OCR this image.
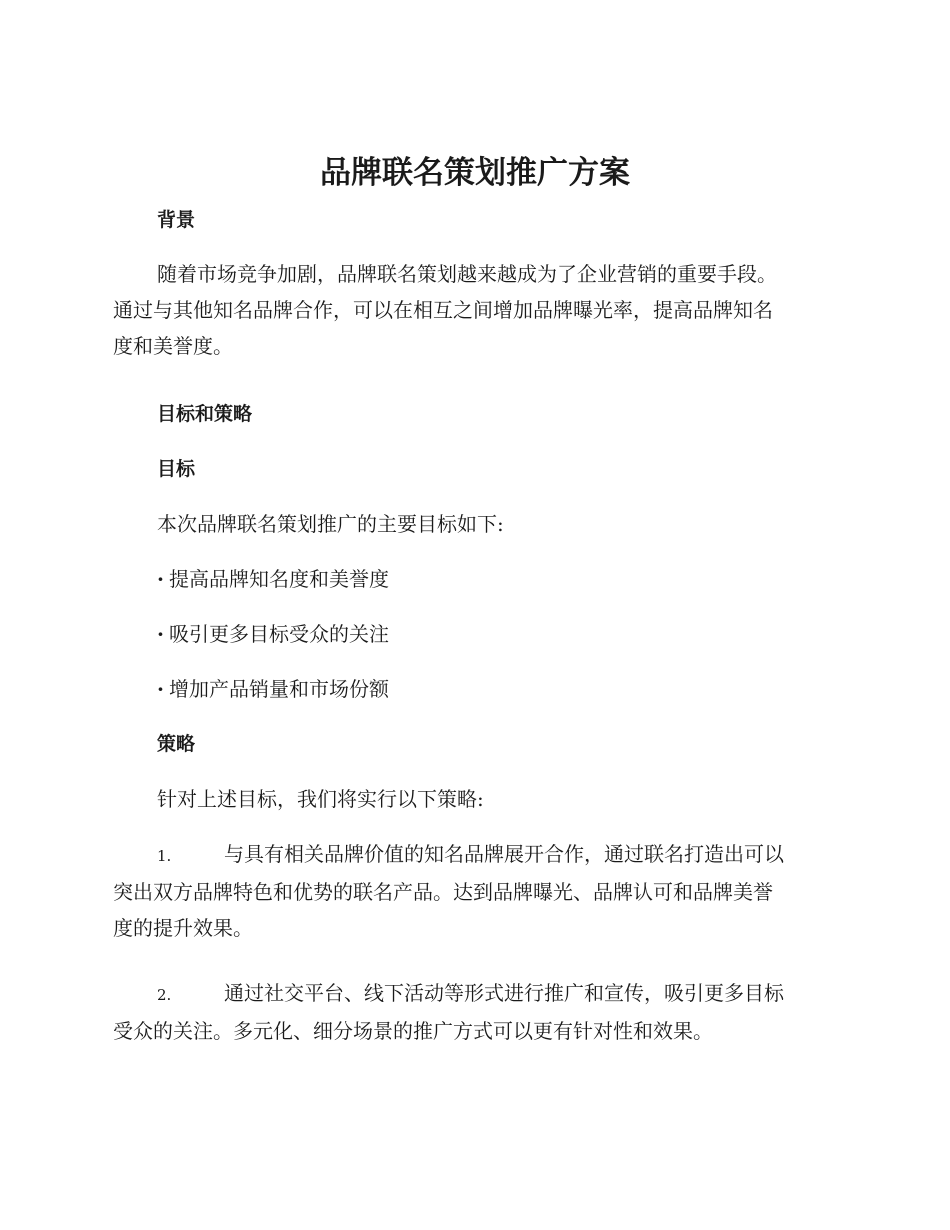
品牌联名策划推广方案
背景

随着市场竞争加剧，品牌联名策划越来越成为了企业营销的重要手段。
通过与其他知名品牌合作，可以在相互之间增加品牌曝光率，提高品牌知名
度和美誉度。

目标和策略
目标

本次品牌联名策划推广的主要目标如下:

· 提高品牌知名度和美誉度

· 吸引更多目标受众的关注

· 增加产品销量和市场份额

策略

针对上述目标，我们将实行以下策略:

1.	与具有相关品牌价值的知名品牌展开合作，通过联名打造出可以
突出双方品牌特色和优势的联名产品。达到品牌曝光、品牌认可和品牌美誉
度的提升效果。

2.	通过社交平台、线下活动等形式进行推广和宣传，吸引更多目标
受众的关注。多元化、细分场景的推广方式可以更有针对性和效果。
